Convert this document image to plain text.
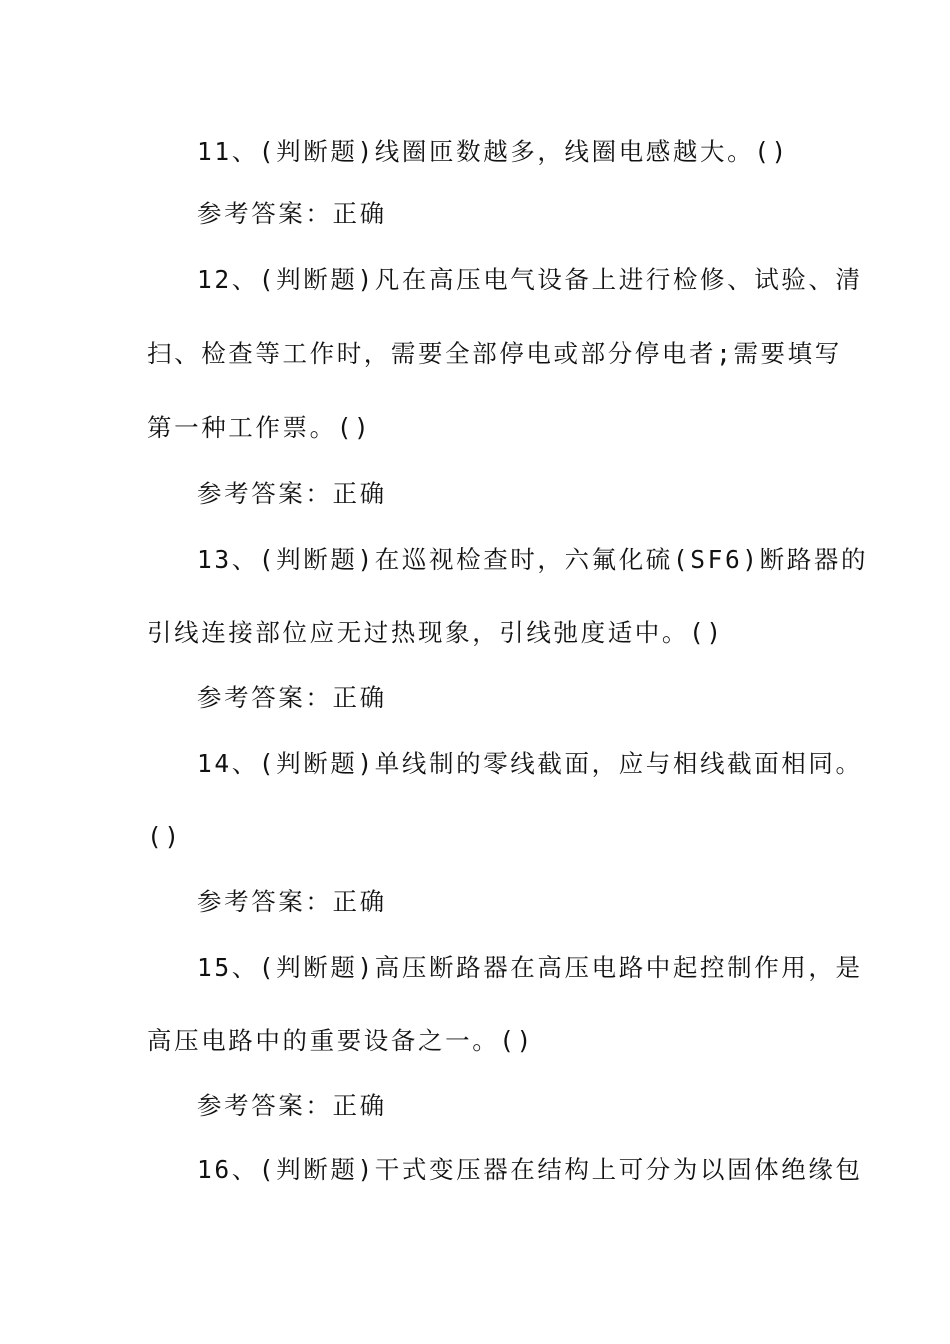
11、(判断题)线圈匝数越多，线圈电感越大。()
参考答案：正确
12、(判断题)凡在高压电气设备上进行检修、试验、清
扫、检查等工作时，需要全部停电或部分停电者;需要填写
第一种工作票。()
参考答案：正确
13、(判断题)在巡视检查时，六氟化硫(SF6)断路器的
引线连接部位应无过热现象，引线弛度适中。()
参考答案：正确
14、(判断题)单线制的零线截面，应与相线截面相同。
()
参考答案：正确
15、(判断题)高压断路器在高压电路中起控制作用，是
高压电路中的重要设备之一。()
参考答案：正确
16、(判断题)干式变压器在结构上可分为以固体绝缘包
